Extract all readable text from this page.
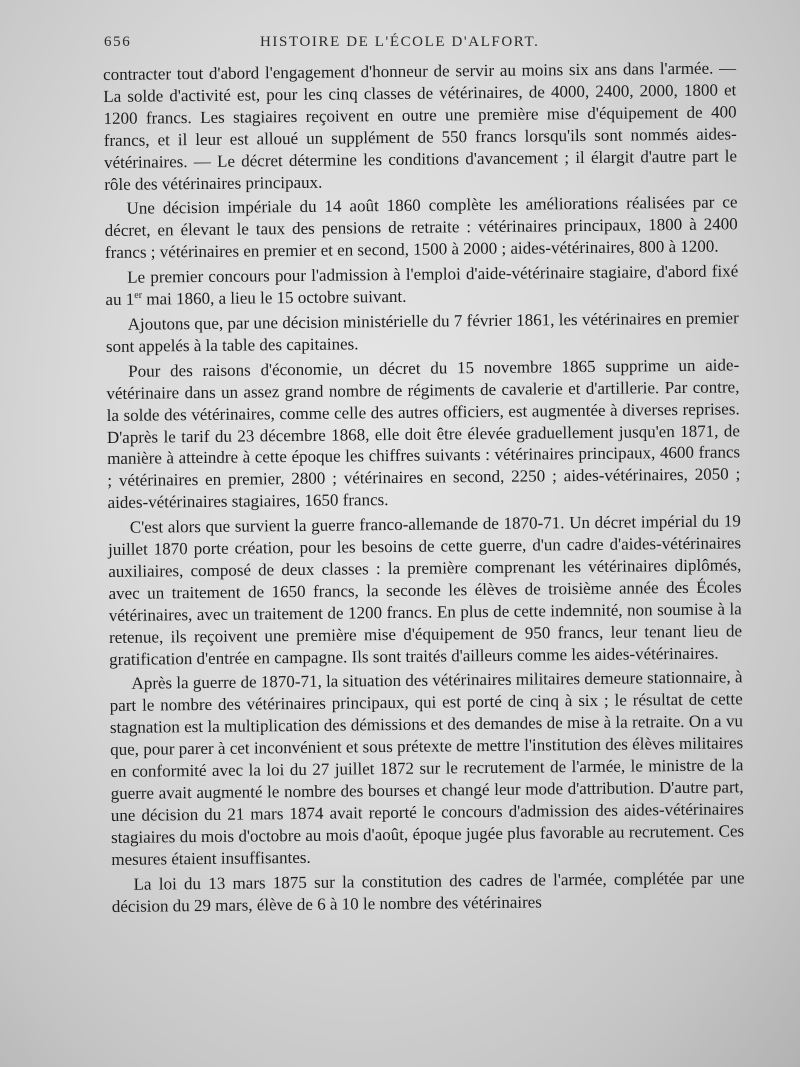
656	HISTOIRE DE L'ÉCOLE D'ALFORT.

contracter tout d'abord l'engagement d'honneur de servir au moins six ans dans l'armée. — La solde d'activité est, pour les cinq classes de vétérinaires, de 4000, 2400, 2000, 1800 et 1200 francs. Les stagiaires reçoivent en outre une première mise d'équipement de 400 francs, et il leur est alloué un supplément de 550 francs lorsqu'ils sont nommés aides-vétérinaires. — Le décret détermine les conditions d'avancement ; il élargit d'autre part le rôle des vétérinaires principaux.

Une décision impériale du 14 août 1860 complète les améliorations réalisées par ce décret, en élevant le taux des pensions de retraite : vétérinaires principaux, 1800 à 2400 francs ; vétérinaires en premier et en second, 1500 à 2000 ; aides-vétérinaires, 800 à 1200.

Le premier concours pour l'admission à l'emploi d'aide-vétérinaire stagiaire, d'abord fixé au 1er mai 1860, a lieu le 15 octobre suivant.

Ajoutons que, par une décision ministérielle du 7 février 1861, les vétérinaires en premier sont appelés à la table des capitaines.

Pour des raisons d'économie, un décret du 15 novembre 1865 supprime un aide-vétérinaire dans un assez grand nombre de régiments de cavalerie et d'artillerie. Par contre, la solde des vétérinaires, comme celle des autres officiers, est augmentée à diverses reprises. D'après le tarif du 23 décembre 1868, elle doit être élevée graduellement jusqu'en 1871, de manière à atteindre à cette époque les chiffres suivants : vétérinaires principaux, 4600 francs ; vétérinaires en premier, 2800 ; vétérinaires en second, 2250 ; aides-vétérinaires, 2050 ; aides-vétérinaires stagiaires, 1650 francs.

C'est alors que survient la guerre franco-allemande de 1870-71. Un décret impérial du 19 juillet 1870 porte création, pour les besoins de cette guerre, d'un cadre d'aides-vétérinaires auxiliaires, composé de deux classes : la première comprenant les vétérinaires diplômés, avec un traitement de 1650 francs, la seconde les élèves de troisième année des Écoles vétérinaires, avec un traitement de 1200 francs. En plus de cette indemnité, non soumise à la retenue, ils reçoivent une première mise d'équipement de 950 francs, leur tenant lieu de gratification d'entrée en campagne. Ils sont traités d'ailleurs comme les aides-vétérinaires.

Après la guerre de 1870-71, la situation des vétérinaires militaires demeure stationnaire, à part le nombre des vétérinaires principaux, qui est porté de cinq à six ; le résultat de cette stagnation est la multiplication des démissions et des demandes de mise à la retraite. On a vu que, pour parer à cet inconvénient et sous prétexte de mettre l'institution des élèves militaires en conformité avec la loi du 27 juillet 1872 sur le recrutement de l'armée, le ministre de la guerre avait augmenté le nombre des bourses et changé leur mode d'attribution. D'autre part, une décision du 21 mars 1874 avait reporté le concours d'admission des aides-vétérinaires stagiaires du mois d'octobre au mois d'août, époque jugée plus favorable au recrutement. Ces mesures étaient insuffisantes.

La loi du 13 mars 1875 sur la constitution des cadres de l'armée, complétée par une décision du 29 mars, élève de 6 à 10 le nombre des vétérinaires
